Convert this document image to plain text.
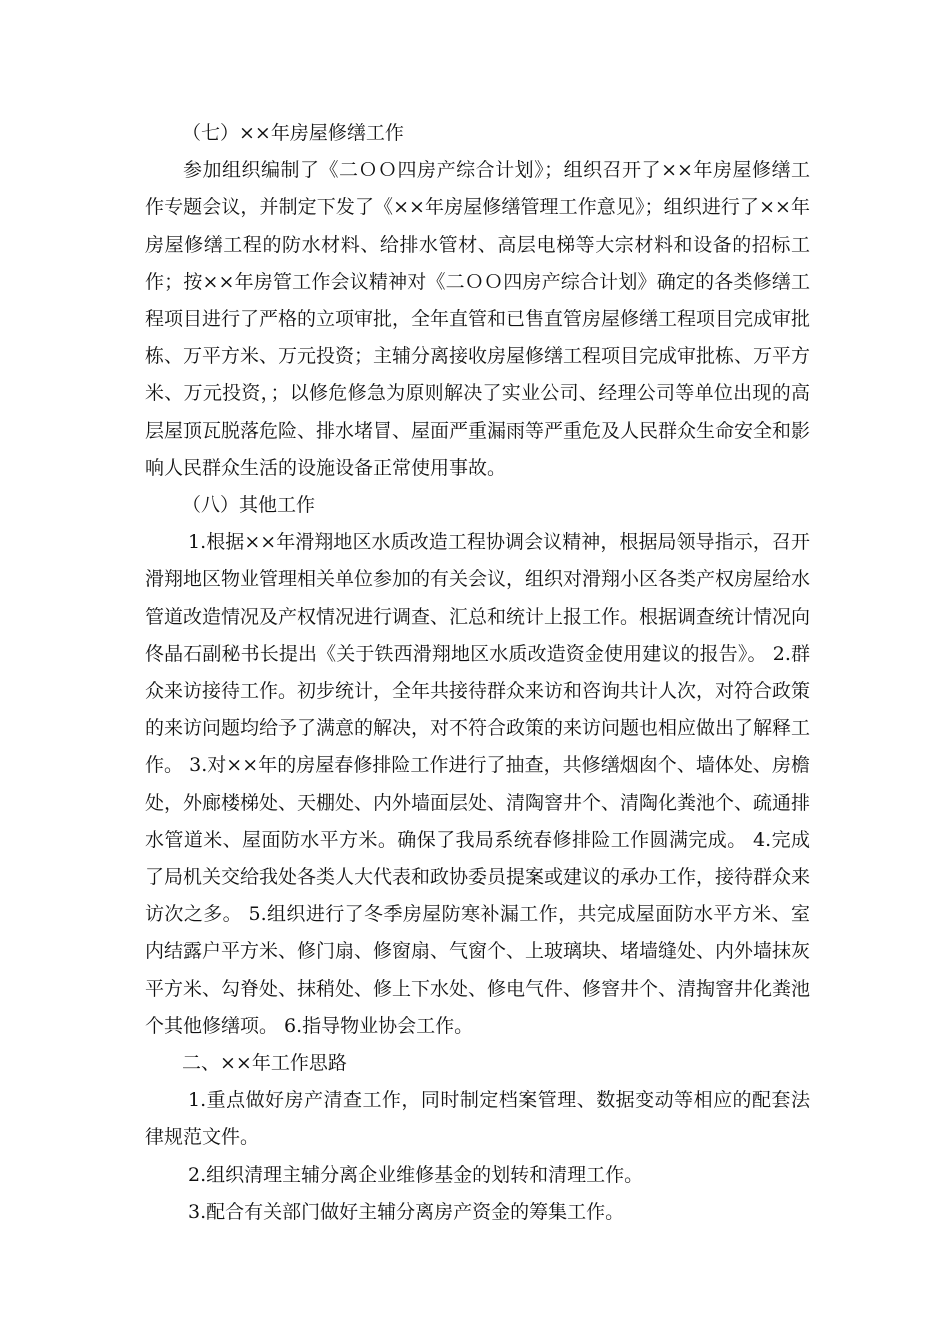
（七）××年房屋修缮工作

参加组织编制了《二ＯＯ四房产综合计划》；组织召开了××年房屋修缮工作专题会议，并制定下发了《××年房屋修缮管理工作意见》；组织进行了××年房屋修缮工程的防水材料、给排水管材、高层电梯等大宗材料和设备的招标工作；按××年房管工作会议精神对《二ＯＯ四房产综合计划》确定的各类修缮工程项目进行了严格的立项审批，全年直管和已售直管房屋修缮工程项目完成审批栋、万平方米、万元投资；主辅分离接收房屋修缮工程项目完成审批栋、万平方米、万元投资，；以修危修急为原则解决了实业公司、经理公司等单位出现的高层屋顶瓦脱落危险、排水堵冒、屋面严重漏雨等严重危及人民群众生命安全和影响人民群众生活的设施设备正常使用事故。

（八）其他工作

1.根据××年滑翔地区水质改造工程协调会议精神，根据局领导指示，召开滑翔地区物业管理相关单位参加的有关会议，组织对滑翔小区各类产权房屋给水管道改造情况及产权情况进行调查、汇总和统计上报工作。根据调查统计情况向佟晶石副秘书长提出《关于铁西滑翔地区水质改造资金使用建议的报告》。 2.群众来访接待工作。初步统计，全年共接待群众来访和咨询共计人次，对符合政策的来访问题均给予了满意的解决，对不符合政策的来访问题也相应做出了解释工作。 3.对××年的房屋春修排险工作进行了抽查，共修缮烟囱个、墙体处、房檐处，外廊楼梯处、天棚处、内外墙面层处、清陶窨井个、清陶化粪池个、疏通排水管道米、屋面防水平方米。确保了我局系统春修排险工作圆满完成。 4.完成了局机关交给我处各类人大代表和政协委员提案或建议的承办工作，接待群众来访次之多。 5.组织进行了冬季房屋防寒补漏工作，共完成屋面防水平方米、室内结露户平方米、修门扇、修窗扇、气窗个、上玻璃块、堵墙缝处、内外墙抹灰平方米、勾脊处、抹稍处、修上下水处、修电气件、修窨井个、清掏窨井化粪池个其他修缮项。 6.指导物业协会工作。

二、××年工作思路

1.重点做好房产清查工作，同时制定档案管理、数据变动等相应的配套法律规范文件。

2.组织清理主辅分离企业维修基金的划转和清理工作。

3.配合有关部门做好主辅分离房产资金的筹集工作。
